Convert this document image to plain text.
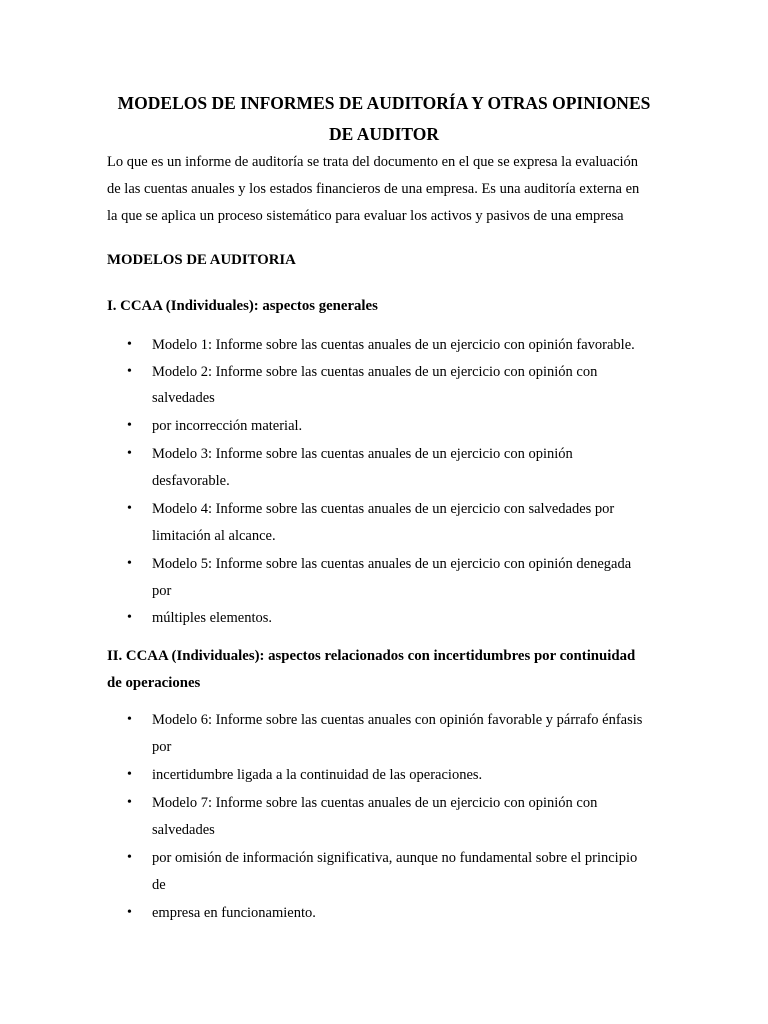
MODELOS DE INFORMES DE AUDITORÍA Y OTRAS OPINIONES
DE AUDITOR
Lo que es un informe de auditoría se trata del documento en el que se expresa la evaluación
de las cuentas anuales y los estados financieros de una empresa. Es una auditoría externa en
la que se aplica un proceso sistemático para evaluar los activos y pasivos de una empresa
MODELOS DE AUDITORIA
I. CCAA (Individuales): aspectos generales
• Modelo 1: Informe sobre las cuentas anuales de un ejercicio con opinión favorable.
• Modelo 2: Informe sobre las cuentas anuales de un ejercicio con opinión con
salvedades
• por incorrección material.
• Modelo 3: Informe sobre las cuentas anuales de un ejercicio con opinión
desfavorable.
• Modelo 4: Informe sobre las cuentas anuales de un ejercicio con salvedades por
limitación al alcance.
• Modelo 5: Informe sobre las cuentas anuales de un ejercicio con opinión denegada
por
• múltiples elementos.
II. CCAA (Individuales): aspectos relacionados con incertidumbres por continuidad
de operaciones
• Modelo 6: Informe sobre las cuentas anuales con opinión favorable y párrafo énfasis
por
• incertidumbre ligada a la continuidad de las operaciones.
• Modelo 7: Informe sobre las cuentas anuales de un ejercicio con opinión con
salvedades
• por omisión de información significativa, aunque no fundamental sobre el principio
de
• empresa en funcionamiento.
